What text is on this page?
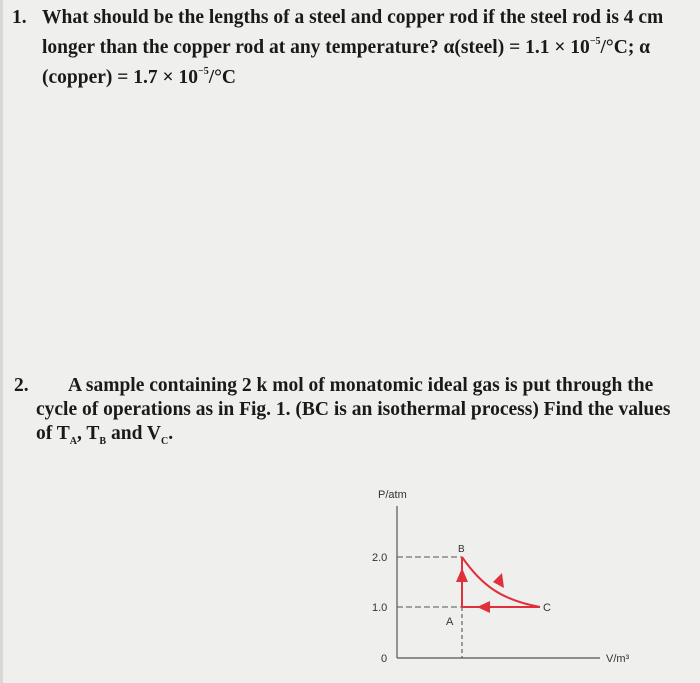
1. What should be the lengths of a steel and copper rod if the steel rod is 4 cm
longer than the copper rod at any temperature? α(steel) = $1.1 \times 10^{-5}/^\circ C$; α
(copper) = $1.7 \times 10^{-5}/^\circ C$
2.	A sample containing 2 k mol of monatomic ideal gas is put through the
cycle of operations as in Fig. 1. (BC is an isothermal process) Find the values
of $T_A$, $T_B$ and $V_C$.
P/atm
V/m³
2.0
1.0
0
A
B
C
